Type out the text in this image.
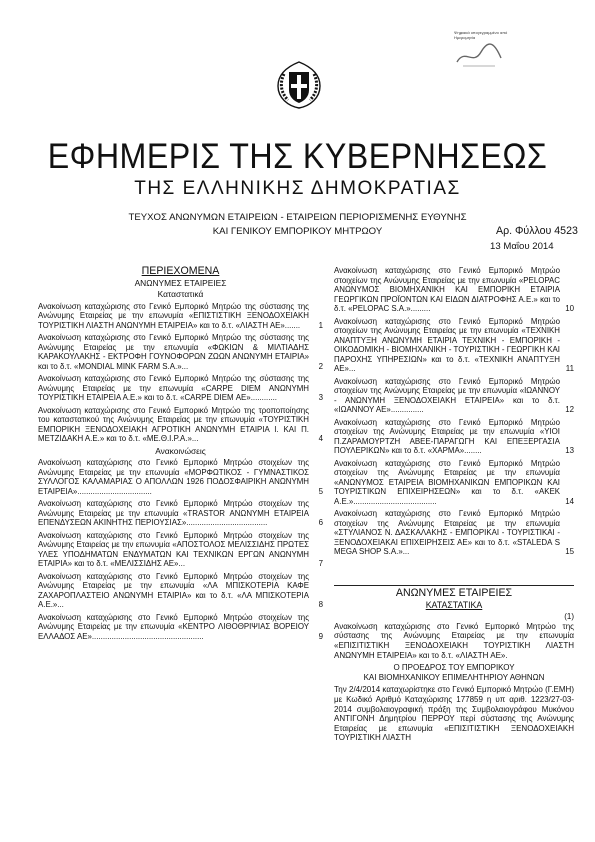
Ψηφιακά υπογεγραμμένο από
Ημερομηνία
ΕΦΗΜΕΡΙΣ ΤΗΣ ΚΥΒΕΡΝΗΣΕΩΣ
ΤΗΣ ΕΛΛΗΝΙΚΗΣ ΔΗΜΟΚΡΑΤΙΑΣ
ΤΕΥΧΟΣ ΑΝΩΝΥΜΩΝ ΕΤΑΙΡΕΙΩΝ - ΕΤΑΙΡΕΙΩΝ ΠΕΡΙΟΡΙΣΜΕΝΗΣ ΕΥΘΥΝΗΣ
ΚΑΙ ΓΕΝΙΚΟΥ ΕΜΠΟΡΙΚΟΥ ΜΗΤΡΩΟΥ	Αρ. Φύλλου 4523
13 Μαΐου 2014
ΠΕΡΙΕΧΟΜΕΝΑ
ΑΝΩΝΥΜΕΣ ΕΤΑΙΡΕΙΕΣ
Καταστατικά
Ανακοίνωση καταχώρισης στο Γενικό Εμπορικό Μητρώο της σύστασης της Ανώνυμης Εταιρείας με την επωνυμία «ΕΠΙΣΤΙΣΤΙΚΗ ΞΕΝΟΔΟΧΕΙΑΚΗ ΤΟΥΡΙΣΤΙΚΗ ΛΙΑΣΤΗ ΑΝΩΝΥΜΗ ΕΤΑΙΡΕΙΑ» και το δ.τ. «ΛΙΑΣΤΗ ΑΕ»....... 1
Ανακοίνωση καταχώρισης στο Γενικό Εμπορικό Μητρώο της σύστασης της Ανώνυμης Εταιρείας με την επωνυμία «ΦΩΚΙΩΝ & ΜΙΛΤΙΑΔΗΣ ΚΑΡΑΚΟΥΛΑΚΗΣ - ΕΚΤΡΟΦΗ ΓΟΥΝΟΦΟΡΩΝ ΖΩΩΝ ΑΝΩΝΥΜΗ ΕΤΑΙΡΙΑ» και το δ.τ. «MONDIAL MINK FARM S.A.»...	2
Ανακοίνωση καταχώρισης στο Γενικό Εμπορικό Μητρώο της σύστασης της Ανώνυμης Εταιρείας με την επωνυμία «CARPE DIEM ΑΝΩΝΥΜΗ ΤΟΥΡΙΣΤΙΚΗ ΕΤΑΙΡΕΙΑ Α.Ε.» και το δ.τ. «CARPE DIEM ΑΕ»............	3
Ανακοίνωση καταχώρισης στο Γενικό Εμπορικό Μητρώο της τροποποίησης του καταστατικού της Ανώνυμης Εταιρείας με την επωνυμία «ΤΟΥΡΙΣΤΙΚΗ ΕΜΠΟΡΙΚΗ ΞΕΝΟΔΟΧΕΙΑΚΗ ΑΓΡΟΤΙΚΗ ΑΝΩΝΥΜΗ ΕΤΑΙΡΙΑ Ι. ΚΑΙ Π. ΜΕΤΖΙΔΑΚΗ Α.Ε.» και το δ.τ. «ΜΕ.Θ.Ι.Ρ.Α.»...	4
Ανακοινώσεις
Ανακοίνωση καταχώρισης στο Γενικό Εμπορικό Μητρώο στοιχείων της Ανώνυμης Εταιρείας με την επωνυμία «ΜΟΡΦΩΤΙΚΟΣ - ΓΥΜΝΑΣΤΙΚΟΣ ΣΥΛΛΟΓΟΣ ΚΑΛΑΜΑΡΙΑΣ Ο ΑΠΟΛΛΩΝ 1926 ΠΟΔΟΣΦΑΙΡΙΚΗ ΑΝΩΝΥΜΗ ΕΤΑΙΡΕΙΑ»..................................	5
Ανακοίνωση καταχώρισης στο Γενικό Εμπορικό Μητρώο στοιχείων της Ανώνυμης Εταιρείας με την επωνυμία «TRASTOR ΑΝΩΝΥΜΗ ΕΤΑΙΡΕΙΑ ΕΠΕΝΔΥΣΕΩΝ ΑΚΙΝΗΤΗΣ ΠΕΡΙΟΥΣΙΑΣ».....................................	6
Ανακοίνωση καταχώρισης στο Γενικό Εμπορικό Μητρώο στοιχείων της Ανώνυμης Εταιρείας με την επωνυμία «ΑΠΟΣΤΟΛΟΣ ΜΕΛΙΣΣΙΔΗΣ ΠΡΩΤΕΣ ΥΛΕΣ ΥΠΟΔΗΜΑΤΩΝ ΕΝΔΥΜΑΤΩΝ ΚΑΙ ΤΕΧΝΙΚΩΝ ΕΡΓΩΝ ΑΝΩΝΥΜΗ ΕΤΑΙΡΙΑ» και το δ.τ. «ΜΕΛΙΣΣΙΔΗΣ ΑΕ»...	7
Ανακοίνωση καταχώρισης στο Γενικό Εμπορικό Μητρώο στοιχείων της Ανώνυμης Εταιρείας με την επωνυμία «ΛΑ ΜΠΙΣΚΟΤΕΡΙΑ ΚΑΦΕ ΖΑΧΑΡΟΠΛΑΣΤΕΙΟ ΑΝΩΝΥΜΗ ΕΤΑΙΡΙΑ» και το δ.τ. «ΛΑ ΜΠΙΣΚΟΤΕΡΙΑ Α.Ε.»...	8
Ανακοίνωση καταχώρισης στο Γενικό Εμπορικό Μητρώο στοιχείων της Ανώνυμης Εταιρείας με την επωνυμία «ΚΕΝΤΡΟ ΛΙΘΟΘΡΙΨΙΑΣ ΒΟΡΕΙΟΥ ΕΛΛΑΔΟΣ ΑΕ»...................................................	9
Ανακοίνωση καταχώρισης στο Γενικό Εμπορικό Μητρώο στοιχείων της Ανώνυμης Εταιρείας με την επωνυμία «PELOPAC ΑΝΩΝΥΜΟΣ ΒΙΟΜΗΧΑΝΙΚΗ ΚΑΙ ΕΜΠΟΡΙΚΗ ΕΤΑΙΡΙΑ ΓΕΩΡΓΙΚΩΝ ΠΡΟΪΟΝΤΩΝ ΚΑΙ ΕΙΔΩΝ ΔΙΑΤΡΟΦΗΣ Α.Ε.» και το δ.τ. «PELOPAC S.A.».........	10
Ανακοίνωση καταχώρισης στο Γενικό Εμπορικό Μητρώο στοιχείων της Ανώνυμης Εταιρείας με την επωνυμία «ΤΕΧΝΙΚΗ ΑΝΑΠΤΥΞΗ ΑΝΩΝΥΜΗ ΕΤΑΙΡΙΑ ΤΕΧΝΙΚΗ - ΕΜΠΟΡΙΚΗ - ΟΙΚΟΔΟΜΙΚΗ - ΒΙΟΜΗΧΑΝΙΚΗ - ΤΟΥΡΙΣΤΙΚΗ - ΓΕΩΡΓΙΚΗ ΚΑΙ ΠΑΡΟΧΗΣ ΥΠΗΡΕΣΙΩΝ» και το δ.τ. «ΤΕΧΝΙΚΗ ΑΝΑΠΤΥΞΗ ΑΕ»...	11
Ανακοίνωση καταχώρισης στο Γενικό Εμπορικό Μητρώο στοιχείων της Ανώνυμης Εταιρείας με την επωνυμία «ΙΩΑΝΝΟΥ - ΑΝΩΝΥΜΗ ΞΕΝΟΔΟΧΕΙΑΚΗ ΕΤΑΙΡΕΙΑ» και το δ.τ. «ΙΩΑΝΝΟΥ ΑΕ»...............	12
Ανακοίνωση καταχώρισης στο Γενικό Εμπορικό Μητρώο στοιχείων της Ανώνυμης Εταιρείας με την επωνυμία «ΥΙΟΙ Π.ΖΑΡΑΜΟΥΡΤΖΗ ΑΒΕΕ-ΠΑΡΑΓΩΓΗ ΚΑΙ ΕΠΕΞΕΡΓΑΣΙΑ ΠΟΥΛΕΡΙΚΩΝ» και το δ.τ. «ΧΑΡΜΑ»........	13
Ανακοίνωση καταχώρισης στο Γενικό Εμπορικό Μητρώο στοιχείων της Ανώνυμης Εταιρείας με την επωνυμία «ΑΝΩΝΥΜΟΣ ΕΤΑΙΡΕΙΑ ΒΙΟΜΗΧΑΝΙΚΩΝ ΕΜΠΟΡΙΚΩΝ ΚΑΙ ΤΟΥΡΙΣΤΙΚΩΝ ΕΠΙΧΕΙΡΗΣΕΩΝ» και το δ.τ. «ΑΚΕΚ Α.Ε.»......................................	14
Ανακοίνωση καταχώρισης στο Γενικό Εμπορικό Μητρώο στοιχείων της Ανώνυμης Εταιρείας με την επωνυμία «ΣΤΥΛΙΑΝΟΣ Ν. ΔΑΣΚΑΛΑΚΗΣ - ΕΜΠΟΡΙΚΑΙ - ΤΟΥΡΙΣΤΙΚΑΙ - ΞΕΝΟΔΟΧΕΙΑΚΑΙ ΕΠΙΧΕΙΡΗΣΕΙΣ ΑΕ» και το δ.τ. «STALEDA S MEGA SHOP S.A.»...	15
ΑΝΩΝΥΜΕΣ ΕΤΑΙΡΕΙΕΣ
ΚΑΤΑΣΤΑΤΙΚΑ
(1)

Ανακοίνωση καταχώρισης στο Γενικό Εμπορικό Μητρώο της σύστασης της Ανώνυμης Εταιρείας με την επωνυμία «ΕΠΙΣΙΤΙΣΤΙΚΗ ΞΕΝΟΔΟΧΕΙΑΚΗ ΤΟΥΡΙΣΤΙΚΗ ΛΙΑΣΤΗ ΑΝΩΝΥΜΗ ΕΤΑΙΡΕΙΑ» και το δ.τ. «ΛΙΑΣΤΗ ΑΕ».

Ο ΠΡΟΕΔΡΟΣ ΤΟΥ ΕΜΠΟΡΙΚΟΥ
ΚΑΙ ΒΙΟΜΗΧΑΝΙΚΟΥ ΕΠΙΜΕΛΗΤΗΡΙΟΥ ΑΘΗΝΩΝ

Την 2/4/2014 καταχωρίστηκε στο Γενικό Εμπορικό Μητρώο (Γ.ΕΜΗ) με Κωδικό Αριθμό Καταχώρισης 177859 η υπ αριθ. 1223/27-03-2014 συμβολαιογραφική πράξη της Συμβολαιογράφου Μυκόνου ΑΝΤΙΓΟΝΗ Δημητρίου ΠΕΡΡΟΥ περί σύστασης της Ανώνυμης Εταιρείας με επωνυμία «ΕΠΙΣΙΤΙΣΤΙΚΗ ΞΕΝΟΔΟΧΕΙΑΚΗ ΤΟΥΡΙΣΤΙΚΗ ΛΙΑΣΤΗ
